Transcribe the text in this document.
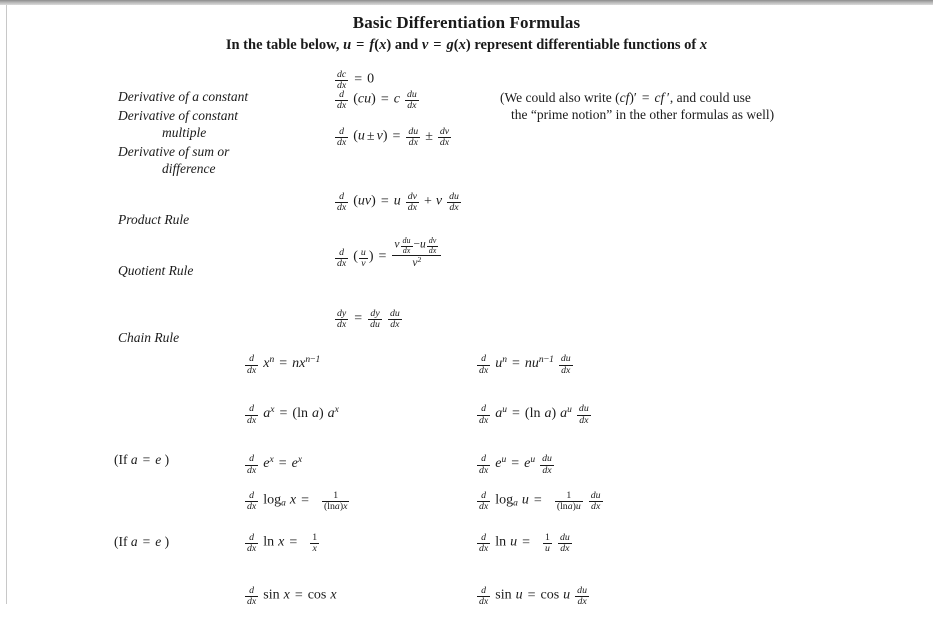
Basic Differentiation Formulas
In the table below, u = f(x) and v = g(x) represent differentiable functions of x

Derivative of a constant

$\frac{dc}{dx} = 0$

Derivative of constant

multiple

$\frac{d}{dx} (cu) = c \frac{du}{dx}$	(We could also write (cf)′ = cf ′, and could use
the “prime notion” in the other formulas as well)

Derivative of sum or

difference

$\frac{d}{dx} (u \pm v) = \frac{du}{dx} \pm \frac{dv}{dx}$

Product Rule

$\frac{d}{dx} (uv) = u \frac{dv}{dx} + v \frac{du}{dx}$

Quotient Rule

$\frac{d}{dx}$ ( $\frac{u}{v}$ ) = $\frac{v \frac{du}{dx} -u \frac{dv}{dx}}{v^2}$

Chain Rule

$\frac{dy}{dx} = \frac{dy}{du} \frac{du}{dx}$
$\frac{d}{dx} x^n = nx^{n-1}$	$\frac{d}{dx} u^n = nu^{n-1} \frac{du}{dx}$
$\frac{d}{dx} a^x = (\ln$ a) $a^x$	$\frac{d}{dx} a^u = (\ln$ a) $a^u \frac{du}{dx}$
(If a = e )	$\frac{d}{dx} e^x = e^x$	$\frac{d}{dx} e^u = e^u \frac{du}{dx}$
$\frac{d}{dx} \log_a x = \frac{1}{(\ln a)x}$	$\frac{d}{dx} \log_a u = \frac{1}{(\ln a)u} \frac{du}{dx}$
(If a = e )	$\frac{d}{dx}$ $\ln x = \frac{1}{x}$	$\frac{d}{dx}$ $\ln u = \frac{1}{u} \frac{du}{dx}$
$\frac{d}{dx}$ sin x = cos x	$\frac{d}{dx}$ sin u = cos u $\frac{du}{dx}$
